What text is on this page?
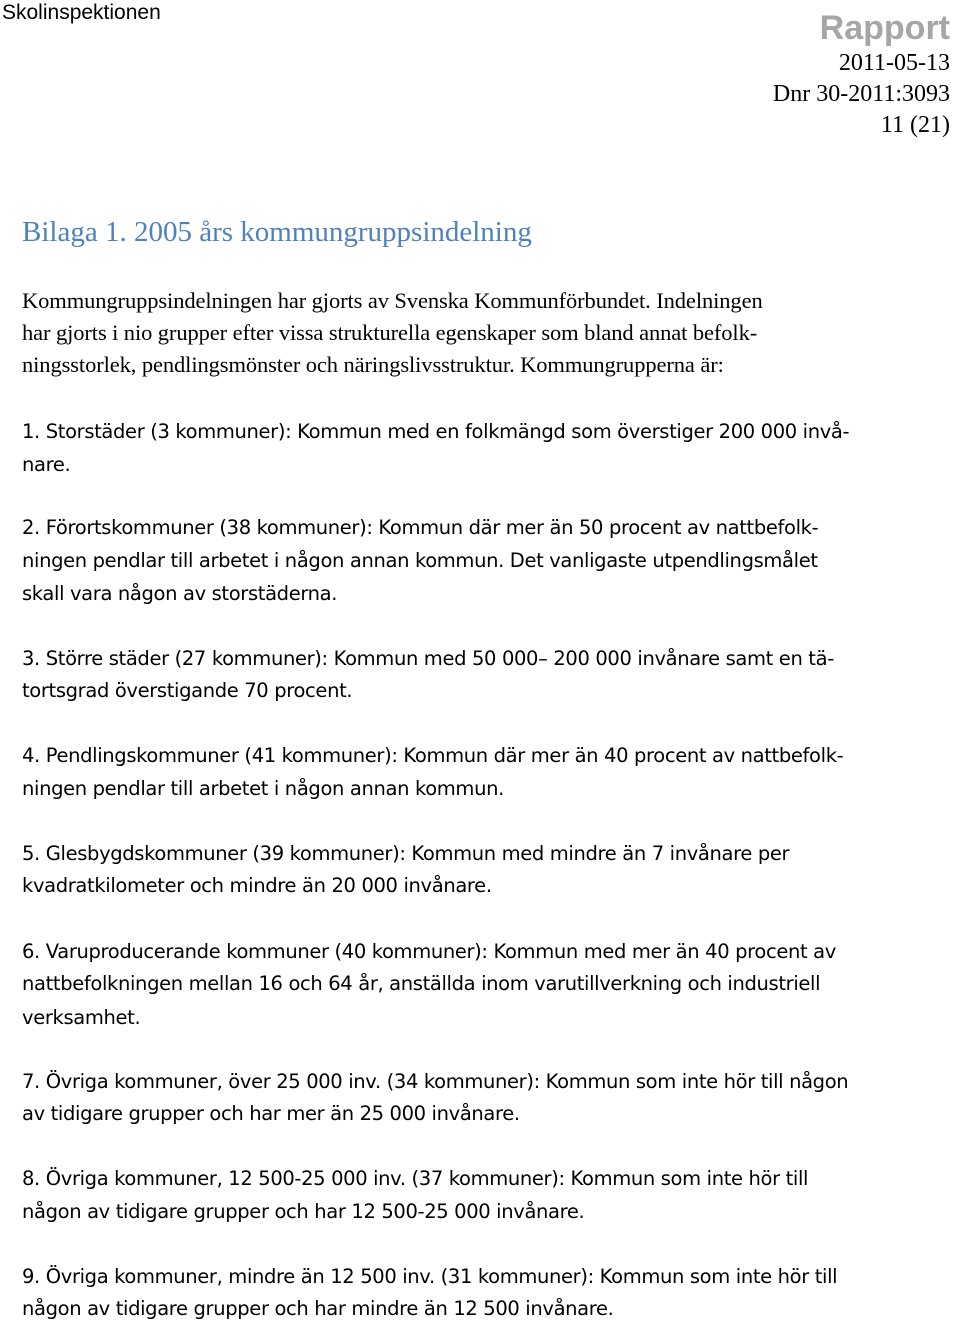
Skolinspektionen	Rapport
2011-05-13
Dnr 30-2011:3093
11 (21)
Bilaga 1. 2005 års kommungruppsindelning
Kommungruppsindelningen har gjorts av Svenska Kommunförbundet. Indelningen
har gjorts i nio grupper efter vissa strukturella egenskaper som bland annat befolk-
ningsstorlek, pendlingsmönster och näringslivsstruktur. Kommungrupperna är:
1. Storstäder (3 kommuner): Kommun med en folkmängd som överstiger 200 000 invå-
nare.
2. Förortskommuner (38 kommuner): Kommun där mer än 50 procent av nattbefolk-
ningen pendlar till arbetet i någon annan kommun. Det vanligaste utpendlingsmålet
skall vara någon av storstäderna.
3. Större städer (27 kommuner): Kommun med 50 000– 200 000 invånare samt en tä-
tortsgrad överstigande 70 procent.
4. Pendlingskommuner (41 kommuner): Kommun där mer än 40 procent av nattbefolk-
ningen pendlar till arbetet i någon annan kommun.
5. Glesbygdskommuner (39 kommuner): Kommun med mindre än 7 invånare per
kvadratkilometer och mindre än 20 000 invånare.
6. Varuproducerande kommuner (40 kommuner): Kommun med mer än 40 procent av
nattbefolkningen mellan 16 och 64 år, anställda inom varutillverkning och industriell
verksamhet.
7. Övriga kommuner, över 25 000 inv. (34 kommuner): Kommun som inte hör till någon
av tidigare grupper och har mer än 25 000 invånare.
8. Övriga kommuner, 12 500-25 000 inv. (37 kommuner): Kommun som inte hör till
någon av tidigare grupper och har 12 500-25 000 invånare.
9. Övriga kommuner, mindre än 12 500 inv. (31 kommuner): Kommun som inte hör till
någon av tidigare grupper och har mindre än 12 500 invånare.
